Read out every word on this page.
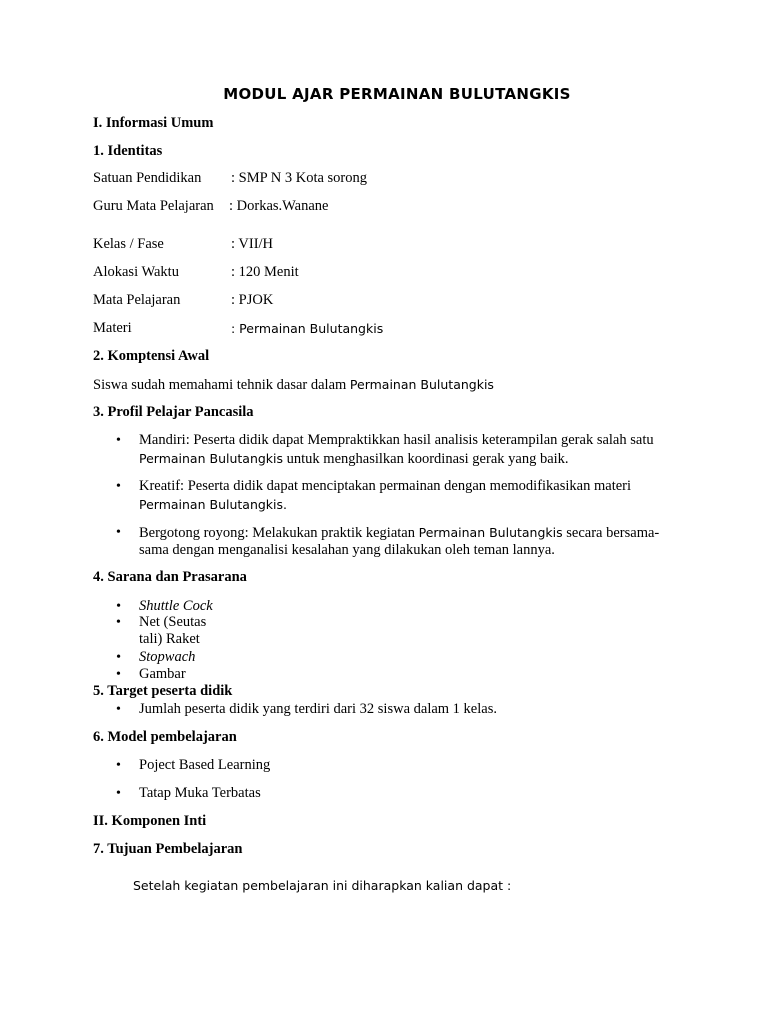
MODUL AJAR PERMAINAN BULUTANGKIS
I. Informasi Umum
1. Identitas
Satuan Pendidikan : SMP N 3 Kota sorong
Guru Mata Pelajaran : Dorkas.Wanane
Kelas / Fase	: VII/H
Alokasi Waktu	: 120 Menit
Mata Pelajaran	: PJOK
Materi	: Permainan Bulutangkis
2. Komptensi Awal
Siswa sudah memahami tehnik dasar dalam Permainan Bulutangkis
3. Profil Pelajar Pancasila
• Mandiri: Peserta didik dapat Mempraktikkan hasil analisis keterampilan gerak salah satu
Permainan Bulutangkis untuk menghasilkan koordinasi gerak yang baik.
• Kreatif: Peserta didik dapat menciptakan permainan dengan memodifikasikan materi
Permainan Bulutangkis.
• Bergotong royong: Melakukan praktik kegiatan Permainan Bulutangkis secara bersama-
sama dengan menganalisi kesalahan yang dilakukan oleh teman lannya.
4. Sarana dan Prasarana
• Shuttle Cock
• Net (Seutas
tali) Raket
• Stopwach
• Gambar
5. Target peserta didik
• Jumlah peserta didik yang terdiri dari 32 siswa dalam 1 kelas.
6. Model pembelajaran
• Poject Based Learning
• Tatap Muka Terbatas
II. Komponen Inti
7. Tujuan Pembelajaran
Setelah kegiatan pembelajaran ini diharapkan kalian dapat :
